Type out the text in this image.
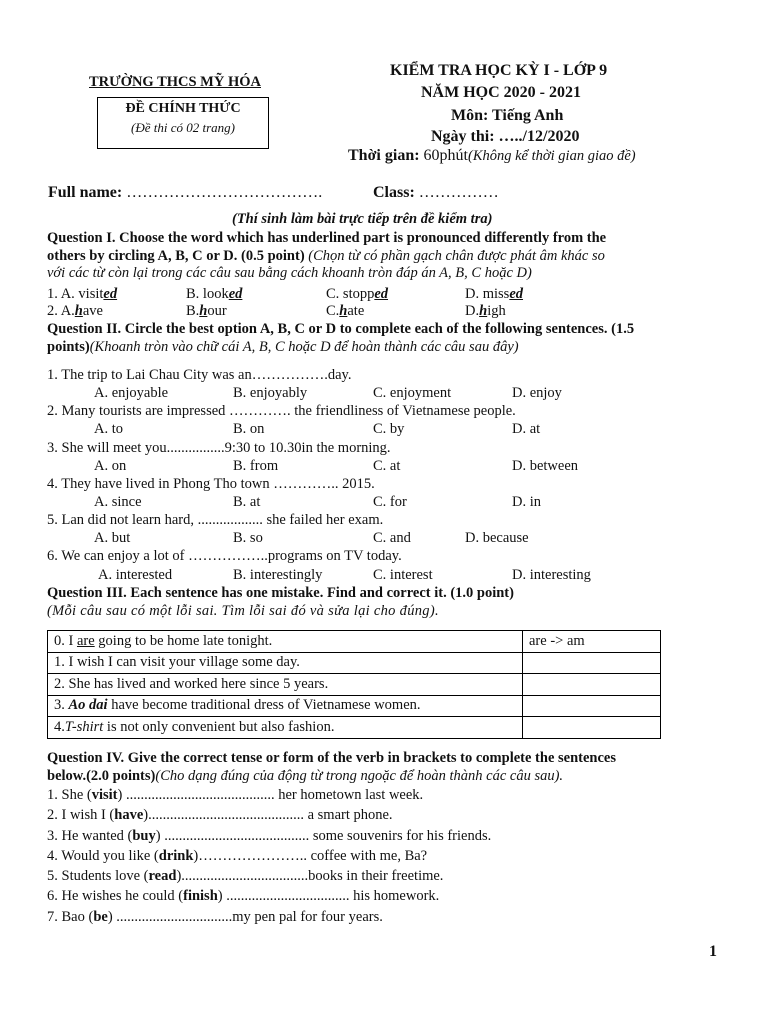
TRƯỜNG THCS MỸ HÓA
ĐỀ CHÍNH THỨC
(Đề thi có 02 trang)
KIỂM TRA HỌC KỲ I - LỚP 9
NĂM HỌC 2020 - 2021
Môn: Tiếng Anh
Ngày thi: …../12/2020
Thời gian: 60phút(Không kể thời gian giao đề)
Full name: ……………………………….	Class: ……………
(Thí sinh làm bài trực tiếp trên đề kiểm tra)
Question I. Choose the word which has underlined part is pronounced differently from the
others by circling A, B, C or D. (0.5 point) (Chọn từ có phần gạch chân được phát âm khác so
với các từ còn lại trong các câu sau bằng cách khoanh tròn đáp án A, B, C hoặc D)
1. A. visited	B. looked	C. stopped	D. missed
2. A.have	B.hour	C.hate	D.high
Question II. Circle the best option A, B, C or D to complete each of the following sentences. (1.5
points)(Khoanh tròn vào chữ cái A, B, C hoặc D để hoàn thành các câu sau đây)
1. The trip to Lai Chau City was an…………….day.
A. enjoyable	B. enjoyably	C. enjoyment	D. enjoy
2. Many tourists are impressed …………. the friendliness of Vietnamese people.
A. to	B. on	C. by	D. at
3. She will meet you................9:30 to 10.30in the morning.
A. on	B. from	C. at	D. between
4. They have lived in Phong Tho town ………….. 2015.
A. since	B. at	C. for	D. in
5. Lan did not learn hard, .................. she failed her exam.
A. but	B. so	C. and	D. because
6. We can enjoy a lot of ……………..programs on TV today.
A. interested	B. interestingly	C. interest	D. interesting
Question III. Each sentence has one mistake. Find and correct it. (1.0 point)
(Mỗi câu sau có một lỗi sai. Tìm lỗi sai đó và sửa lại cho đúng).
0. I are going to be home late tonight.	are -> am
1. I wish I can visit your village some day.	
2. She has lived and worked here since 5 years.	
3. Ao dai have become traditional dress of Vietnamese women.	
4.T-shirt is not only convenient but also fashion.	
Question IV. Give the correct tense or form of the verb in brackets to complete the sentences
below.(2.0 points)(Cho dạng đúng của động từ trong ngoặc để hoàn thành các câu sau).
1. She (visit) ......................................... her hometown last week.
2. I wish I (have)........................................... a smart phone.
3. He wanted (buy) ........................................ some souvenirs for his friends.
4. Would you like (drink)………………….. coffee with me, Ba?
5. Students love (read)...................................books in their freetime.
6. He wishes he could (finish) .................................. his homework.
7. Bao (be) ................................my pen pal for four years.
1
